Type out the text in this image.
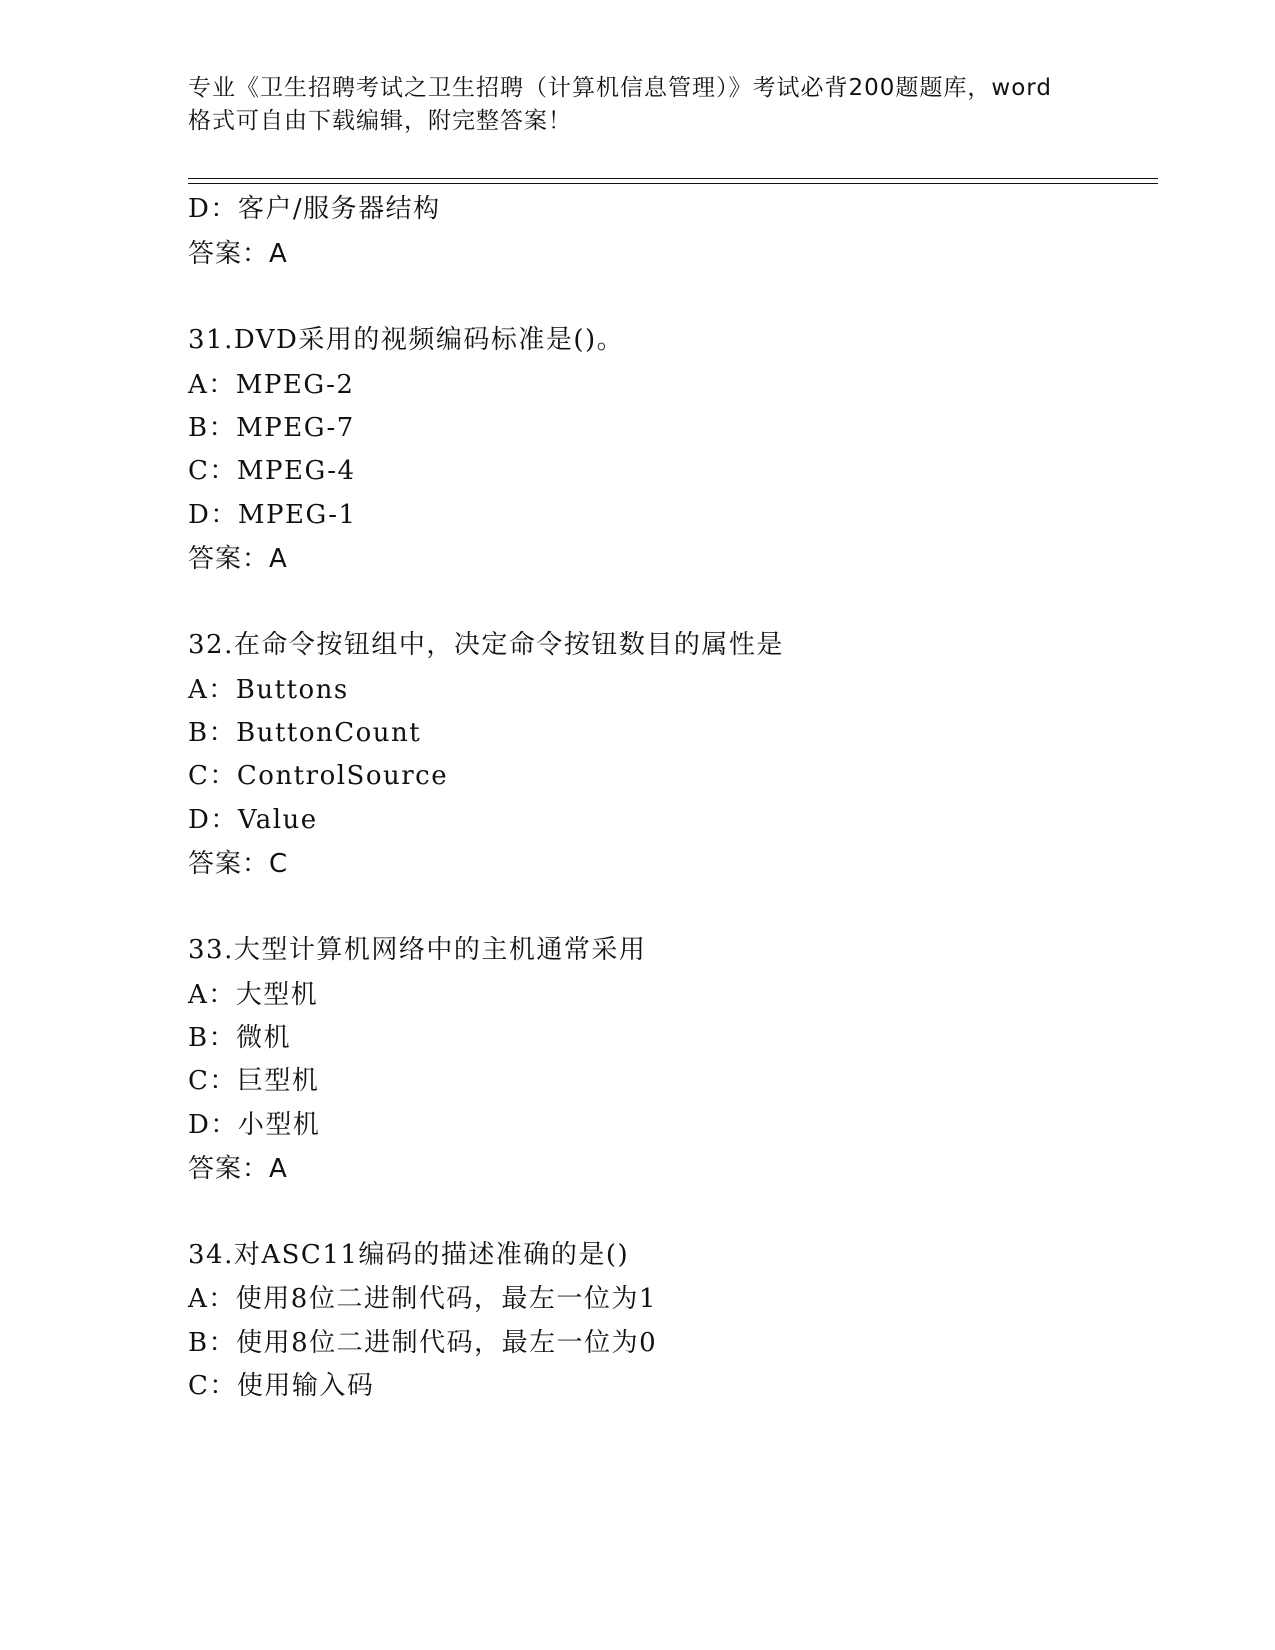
专业《卫生招聘考试之卫生招聘（计算机信息管理）》考试必背200题题库，word
格式可自由下载编辑，附完整答案！
D：客户/服务器结构
答案：A
31.DVD采用的视频编码标准是()。
A：MPEG-2
B：MPEG-7
C：MPEG-4
D：MPEG-1
答案：A
32.在命令按钮组中，决定命令按钮数目的属性是
A：Buttons
B：ButtonCount
C：ControlSource
D：Value
答案：C
33.大型计算机网络中的主机通常采用
A：大型机
B：微机
C：巨型机
D：小型机
答案：A
34.对ASC11编码的描述准确的是()
A：使用8位二进制代码，最左一位为1
B：使用8位二进制代码，最左一位为0
C：使用输入码
